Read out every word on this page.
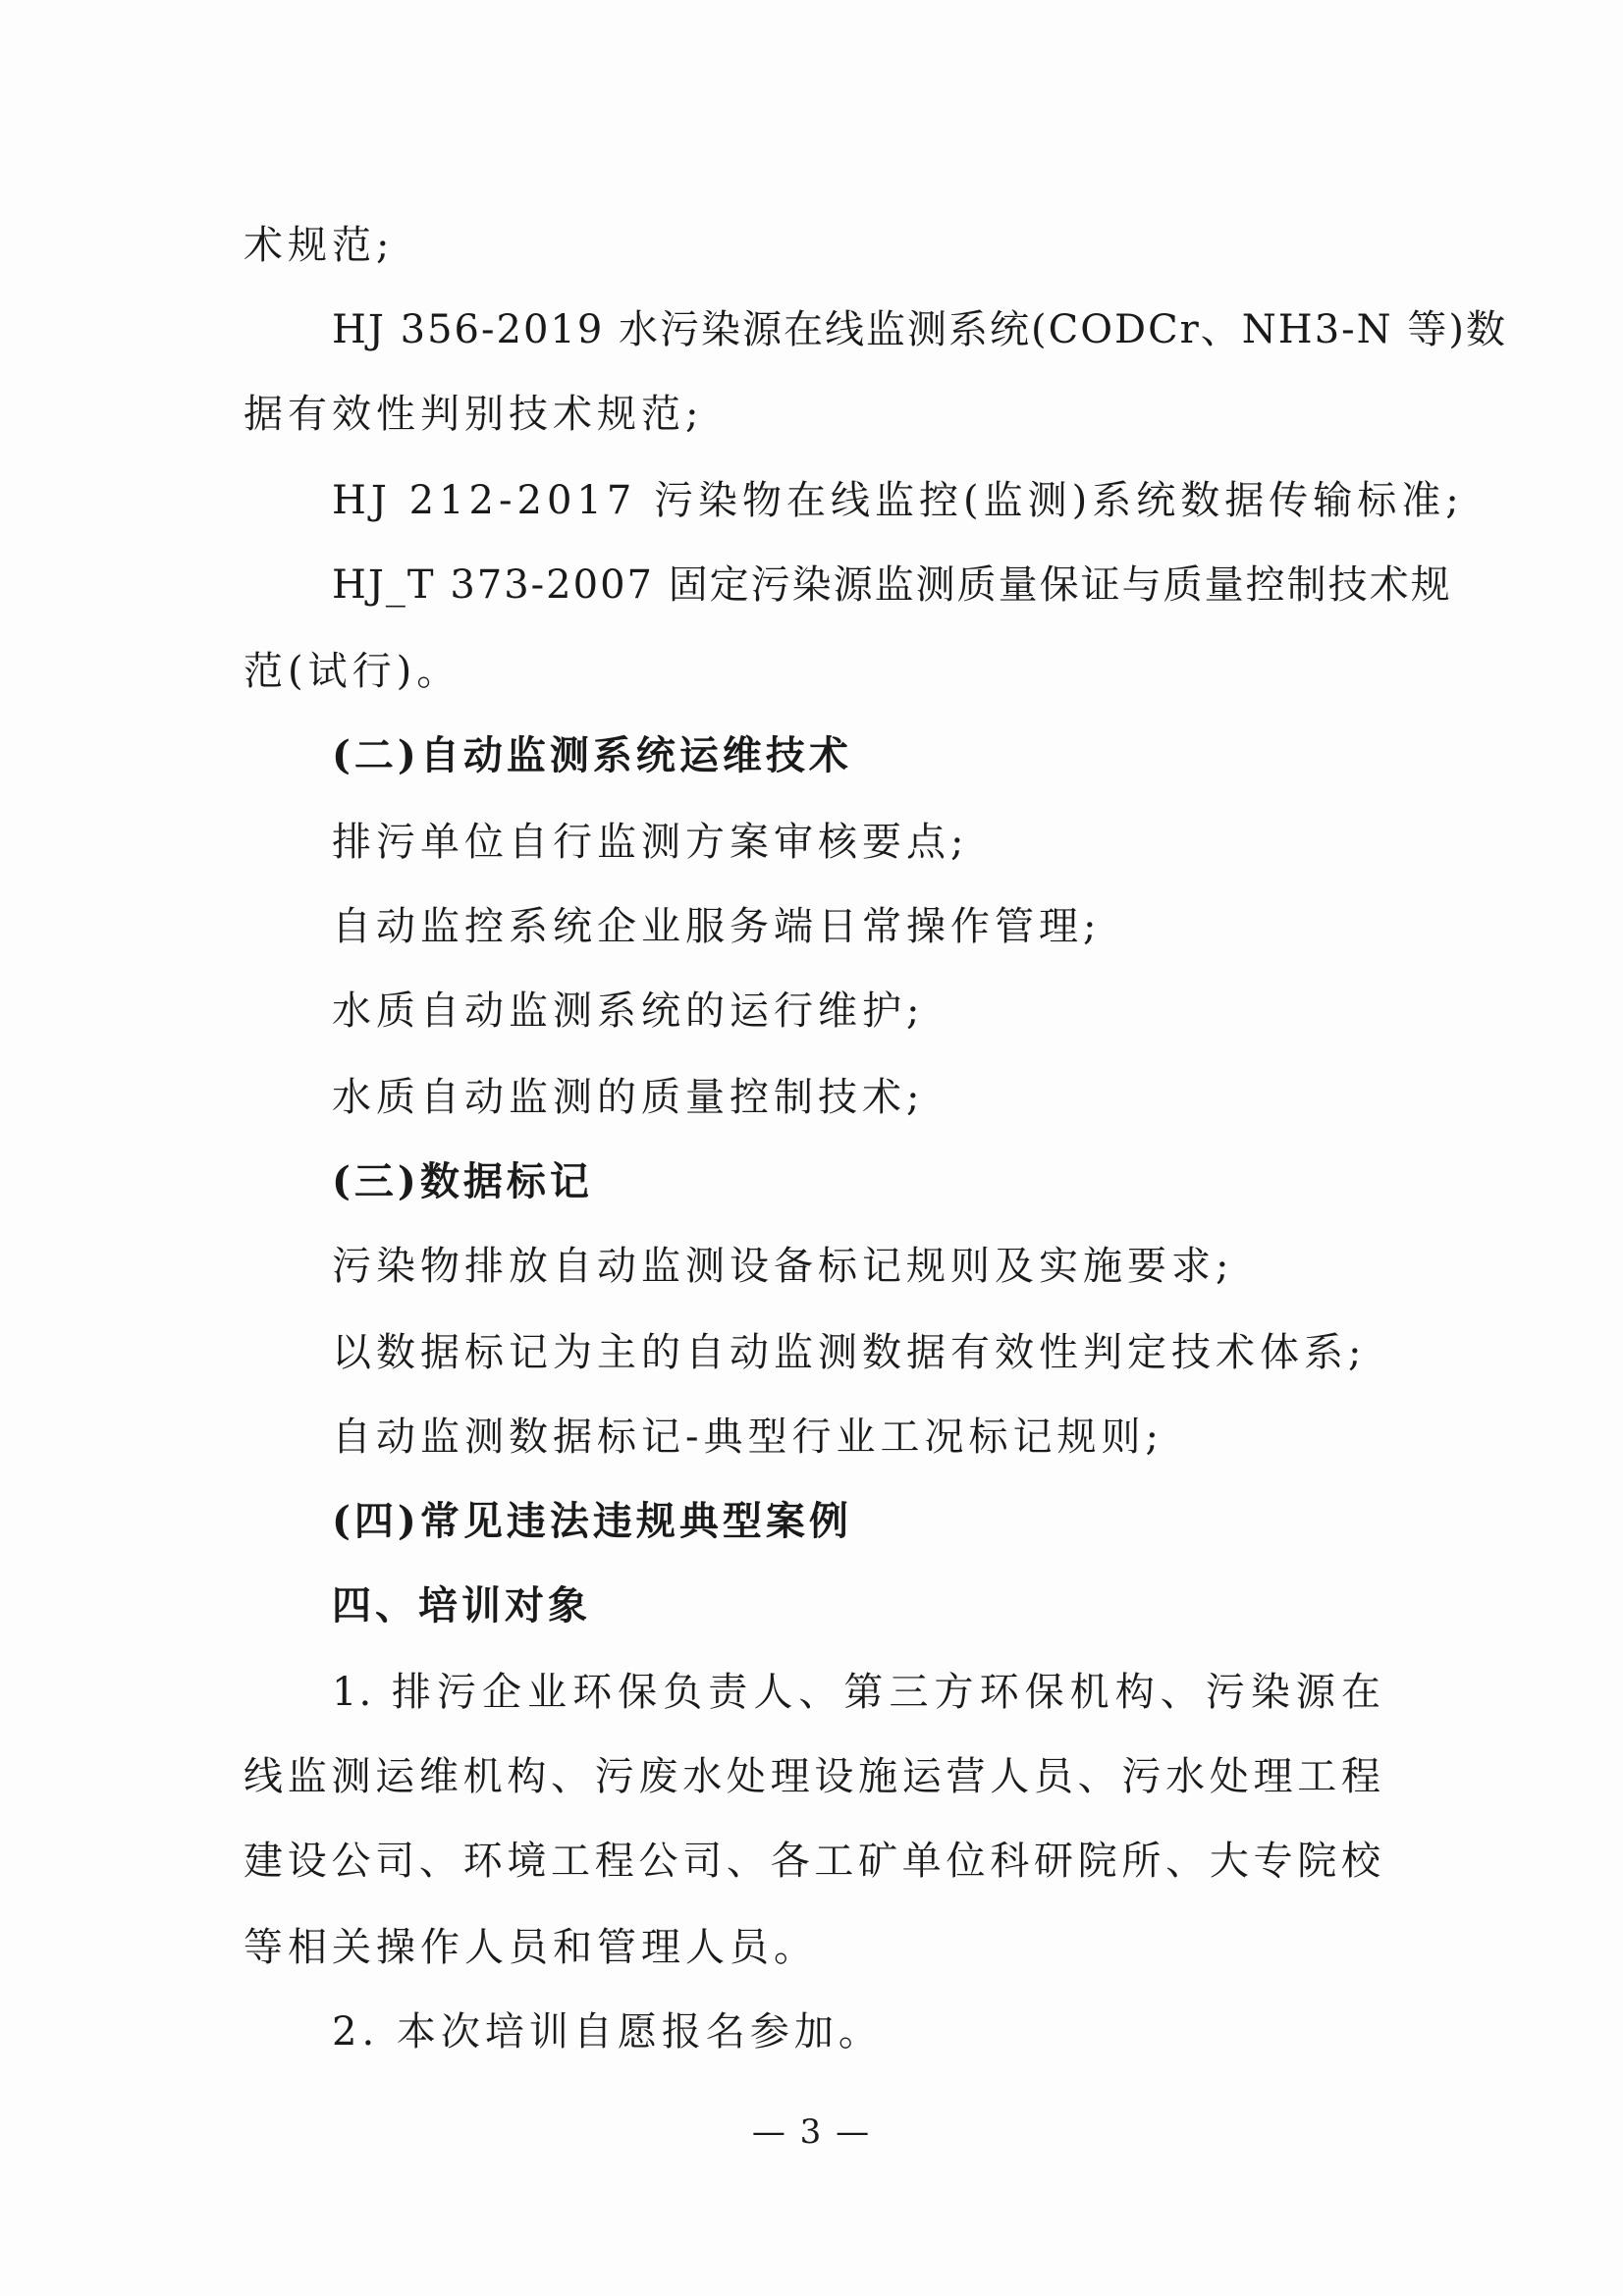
术规范;
HJ 356-2019 水污染源在线监测系统(CODCr、NH3-N 等)数
据有效性判别技术规范;
HJ 212-2017 污染物在线监控(监测)系统数据传输标准;
HJ_T 373-2007 固定污染源监测质量保证与质量控制技术规
范(试行)。
(二)自动监测系统运维技术
排污单位自行监测方案审核要点;
自动监控系统企业服务端日常操作管理;
水质自动监测系统的运行维护;
水质自动监测的质量控制技术;
(三)数据标记
污染物排放自动监测设备标记规则及实施要求;
以数据标记为主的自动监测数据有效性判定技术体系;
自动监测数据标记-典型行业工况标记规则;
(四)常见违法违规典型案例
四、培训对象
1. 排污企业环保负责人、第三方环保机构、污染源在
线监测运维机构、污废水处理设施运营人员、污水处理工程
建设公司、环境工程公司、各工矿单位科研院所、大专院校
等相关操作人员和管理人员。
2. 本次培训自愿报名参加。
— 3 —
